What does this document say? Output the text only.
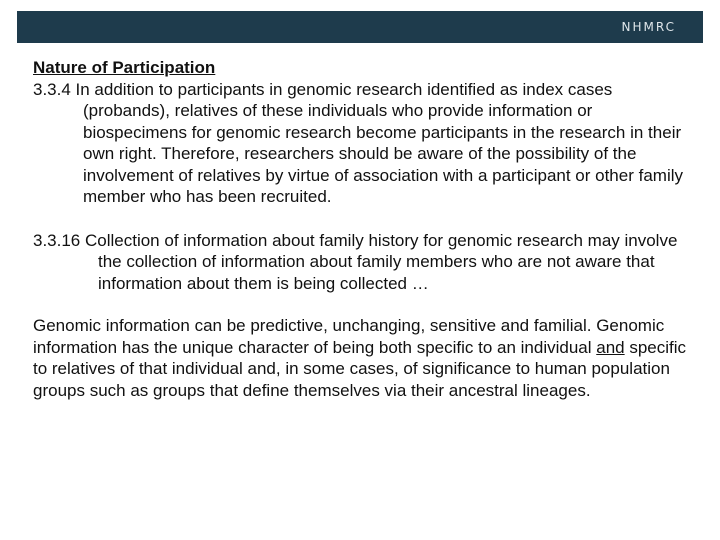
NHMRC

Nature of Participation

3.3.4 In addition to participants in genomic research identified as index cases (probands), relatives of these individuals who provide information or biospecimens for genomic research become participants in the research in their own right. Therefore, researchers should be aware of the possibility of the involvement of relatives by virtue of association with a participant or other family member who has been recruited.

3.3.16 Collection of information about family history for genomic research may involve the collection of information about family members who are not aware that information about them is being collected …

Genomic information can be predictive, unchanging, sensitive and familial. Genomic information has the unique character of being both specific to an individual and specific to relatives of that individual and, in some cases, of significance to human population groups such as groups that define themselves via their ancestral lineages.
